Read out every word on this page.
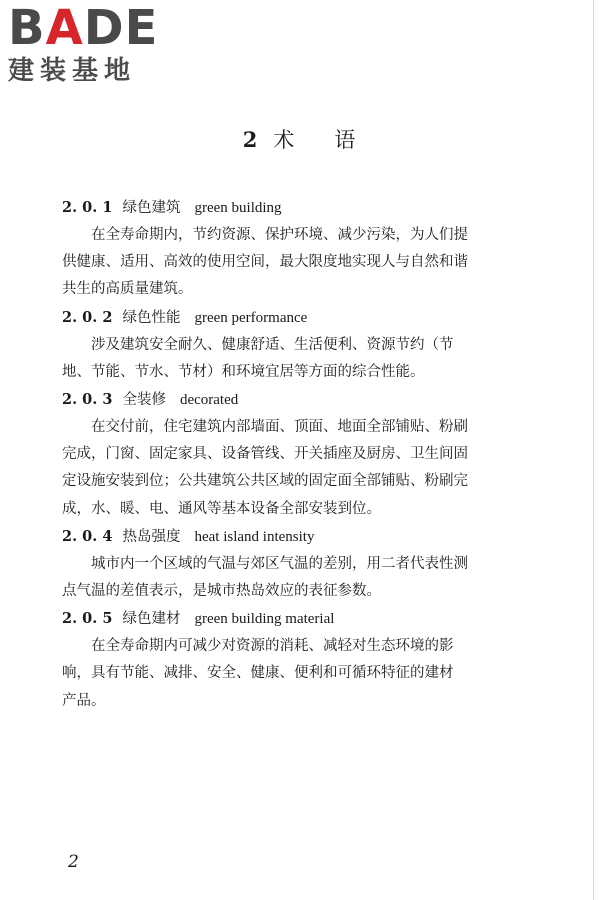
BADE
建装基地
2 术 语
2. 0. 1 绿色建筑 green building

在全寿命期内，节约资源、保护环境、减少污染，为人们提
供健康、适用、高效的使用空间，最大限度地实现人与自然和谐
共生的高质量建筑。

2. 0. 2 绿色性能 green performance

涉及建筑安全耐久、健康舒适、生活便利、资源节约（节
地、节能、节水、节材）和环境宜居等方面的综合性能。

2. 0. 3 全装修 decorated

在交付前，住宅建筑内部墙面、顶面、地面全部铺贴、粉刷
完成，门窗、固定家具、设备管线、开关插座及厨房、卫生间固
定设施安装到位；公共建筑公共区域的固定面全部铺贴、粉刷完
成，水、暖、电、通风等基本设备全部安装到位。

2. 0. 4 热岛强度 heat island intensity

城市内一个区域的气温与郊区气温的差别，用二者代表性测
点气温的差值表示，是城市热岛效应的表征参数。

2. 0. 5 绿色建材 green building material

在全寿命期内可减少对资源的消耗、减轻对生态环境的影
响，具有节能、减排、安全、健康、便利和可循环特征的建材
产品。

2
